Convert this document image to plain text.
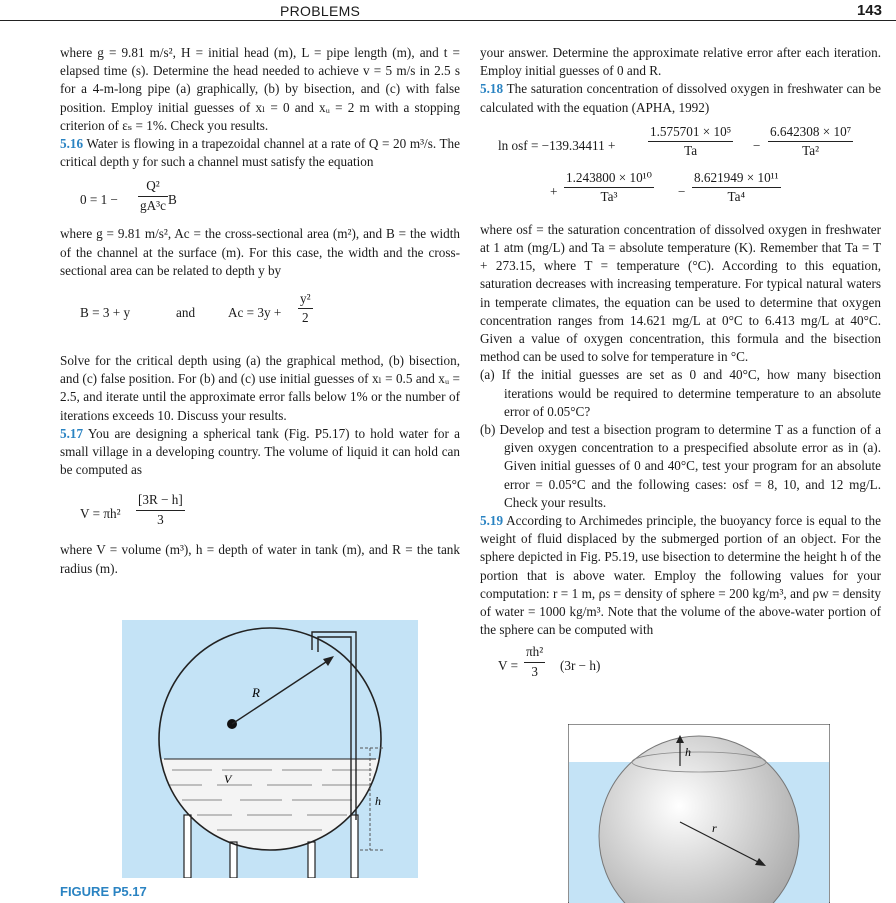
PROBLEMS	143

where g = 9.81 m/s², H = initial head (m), L = pipe length (m), and t = elapsed time (s). Determine the head needed to achieve v = 5 m/s in 2.5 s for a 4-m-long pipe (a) graphically, (b) by bisection, and (c) with false position. Employ initial guesses of xₗ = 0 and xᵤ = 2 m with a stopping criterion of εₛ = 1%. Check you results.

5.16 Water is flowing in a trapezoidal channel at a rate of Q = 20 m³/s. The critical depth y for such a channel must satisfy the equation

$0 = 1 - \frac{\text{Q²}}{\text{gA³c}}$ B

where g = 9.81 m/s², Ac = the cross-sectional area (m²), and B = the width of the channel at the surface (m). For this case, the width and the cross-sectional area can be related to depth y by

B = 3 + y	and $Ac = 3y + \frac{\text{y²}}{2}$

Solve for the critical depth using (a) the graphical method, (b) bisection, and (c) false position. For (b) and (c) use initial guesses of xₗ = 0.5 and xᵤ = 2.5, and iterate until the approximate error falls below 1% or the number of iterations exceeds 10. Discuss your results.

5.17 You are designing a spherical tank (Fig. P5.17) to hold water for a small village in a developing country. The volume of liquid it can hold can be computed as

$V = \pi h^2 \frac{[3R - h]}{3}$

where V = volume (m³), h = depth of water in tank (m), and R = the tank radius (m).

R
V
h
FIGURE P5.17

your answer. Determine the approximate relative error after each iteration. Employ initial guesses of 0 and R.

5.18 The saturation concentration of dissolved oxygen in freshwater can be calculated with the equation (APHA, 1992)

ln osf = $-139.34411 + \frac{\text{1.575701 × 10⁵}}{Ta} - \frac{\text{6.642308 × 10⁷}}{\text{Ta²}}$
+ $\frac{\text{1.243800 × 10¹⁰}}{\text{Ta³}} - \frac{\text{8.621949 × 10¹¹}}{\text{Ta⁴}}$

where osf = the saturation concentration of dissolved oxygen in freshwater at 1 atm (mg/L) and Ta = absolute temperature (K). Remember that Ta = T + 273.15, where T = temperature (°C). According to this equation, saturation decreases with increasing temperature. For typical natural waters in temperate climates, the equation can be used to determine that oxygen concentration ranges from 14.621 mg/L at 0°C to 6.413 mg/L at 40°C. Given a value of oxygen concentration, this formula and the bisection method can be used to solve for temperature in °C.

(a) If the initial guesses are set as 0 and 40°C, how many bisection iterations would be required to determine temperature to an absolute error of 0.05°C?

(b) Develop and test a bisection program to determine T as a function of a given oxygen concentration to a prespecified absolute error as in (a). Given initial guesses of 0 and 40°C, test your program for an absolute error = 0.05°C and the following cases: osf = 8, 10, and 12 mg/L. Check your results.

5.19 According to Archimedes principle, the buoyancy force is equal to the weight of fluid displaced by the submerged portion of an object. For the sphere depicted in Fig. P5.19, use bisection to determine the height h of the portion that is above water. Employ the following values for your computation: r = 1 m, ρs = density of sphere = 200 kg/m³, and ρw = density of water = 1000 kg/m³. Note that the volume of the above-water portion of the sphere can be computed with

$V = \frac{\text{πh²}}{3} (3r - h)$
h
r
